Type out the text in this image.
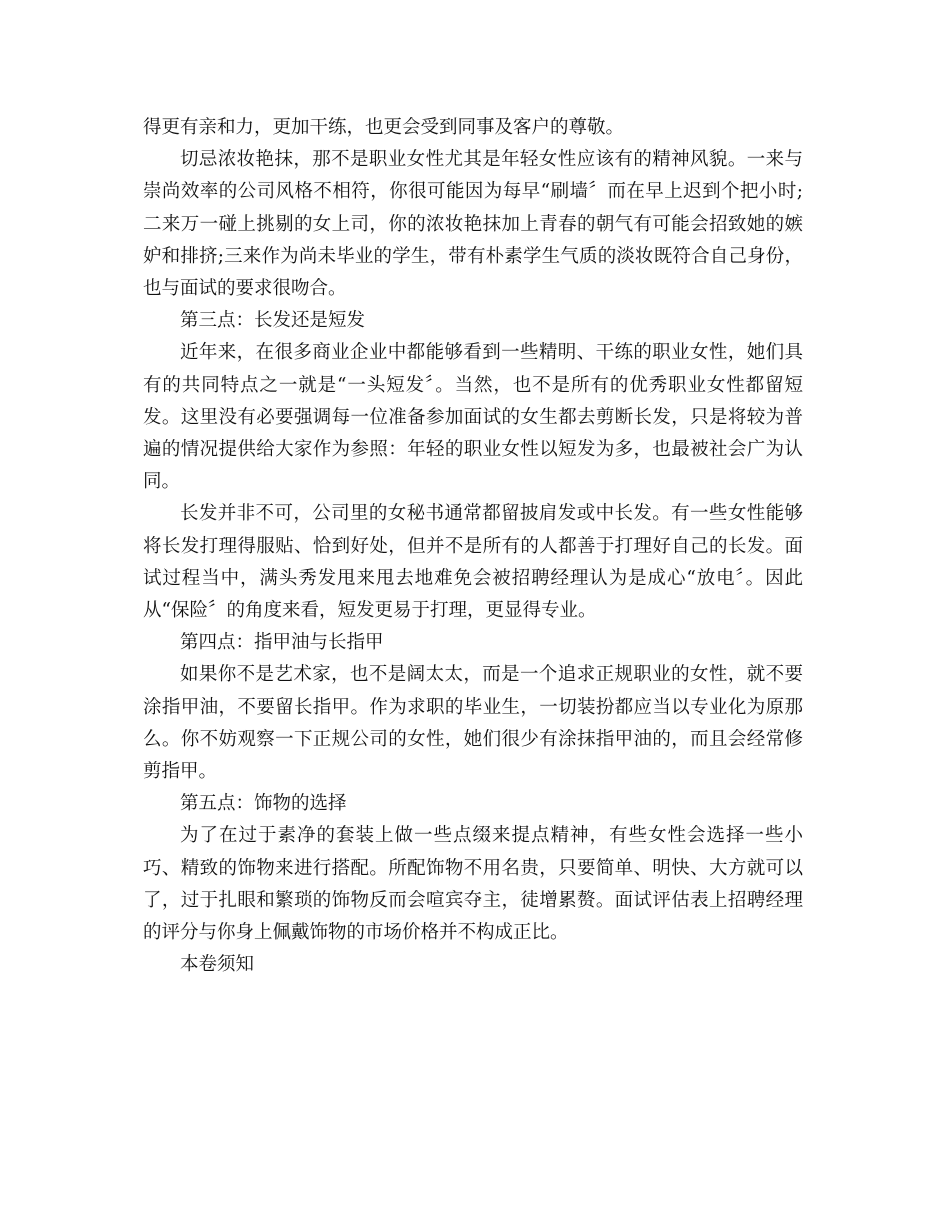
得更有亲和力，更加干练，也更会受到同事及客户的尊敬。

切忌浓妆艳抹，那不是职业女性尤其是年轻女性应该有的精神风貌。一来与崇尚效率的公司风格不相符，你很可能因为每早“刷墙〞而在早上迟到个把小时;二来万一碰上挑剔的女上司，你的浓妆艳抹加上青春的朝气有可能会招致她的嫉妒和排挤;三来作为尚未毕业的学生，带有朴素学生气质的淡妆既符合自己身份，也与面试的要求很吻合。

第三点：长发还是短发

近年来，在很多商业企业中都能够看到一些精明、干练的职业女性，她们具有的共同特点之一就是“一头短发〞。当然，也不是所有的优秀职业女性都留短发。这里没有必要强调每一位准备参加面试的女生都去剪断长发，只是将较为普遍的情况提供给大家作为参照：年轻的职业女性以短发为多，也最被社会广为认同。

长发并非不可，公司里的女秘书通常都留披肩发或中长发。有一些女性能够将长发打理得服贴、恰到好处，但并不是所有的人都善于打理好自己的长发。面试过程当中，满头秀发甩来甩去地难免会被招聘经理认为是成心“放电〞。因此从“保险〞的角度来看，短发更易于打理，更显得专业。

第四点：指甲油与长指甲

如果你不是艺术家，也不是阔太太，而是一个追求正规职业的女性，就不要涂指甲油，不要留长指甲。作为求职的毕业生，一切装扮都应当以专业化为原那么。你不妨观察一下正规公司的女性，她们很少有涂抹指甲油的，而且会经常修剪指甲。

第五点：饰物的选择

为了在过于素净的套装上做一些点缀来提点精神，有些女性会选择一些小巧、精致的饰物来进行搭配。所配饰物不用名贵，只要简单、明快、大方就可以了，过于扎眼和繁琐的饰物反而会喧宾夺主，徒增累赘。面试评估表上招聘经理的评分与你身上佩戴饰物的市场价格并不构成正比。

本卷须知
